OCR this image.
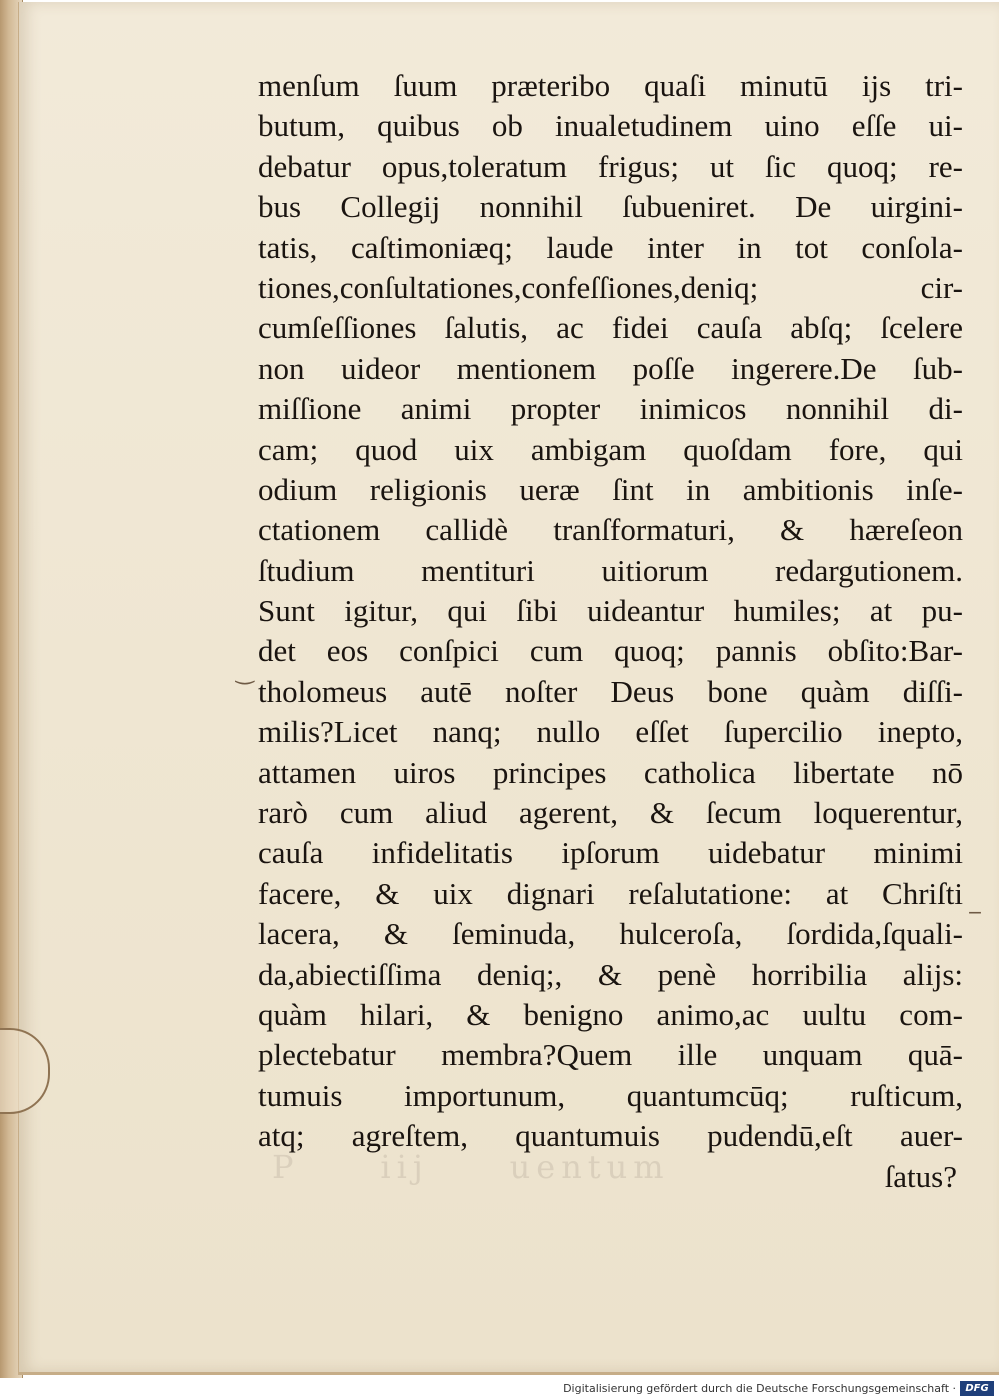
P     iij     uentum
‿
‒
menſum ſuum præteribo quaſi minutū ijs tri-
butum, quibus ob inualetudinem uino eſſe ui-
debatur opus,toleratum frigus; ut ſic quoq; re-
bus Collegij nonnihil ſubueniret. De uirgini-
tatis, caſtimoniæq; laude inter in tot conſola-
tiones,conſultationes,confeſſiones,deniq; cir-
cumſeſſiones ſalutis, ac fidei cauſa abſq; ſcelere
non uideor mentionem poſſe ingerere.De ſub-
miſſione animi propter inimicos nonnihil di-
cam; quod uix ambigam quoſdam fore, qui
odium religionis ueræ ſint in ambitionis inſe-
ctationem callidè tranſformaturi, & hæreſeon
ſtudium mentituri uitiorum redargutionem.
Sunt igitur, qui ſibi uideantur humiles; at pu-
det eos conſpici cum quoq; pannis obſito:Bar-
tholomeus autē noſter Deus bone quàm diſſi-
milis?Licet nanq; nullo eſſet ſupercilio inepto,
attamen uiros principes catholica libertate nō
rarò cum aliud agerent, & ſecum loquerentur,
cauſa infidelitatis ipſorum uidebatur minimi
facere, & uix dignari reſalutatione: at Chriſti
lacera, & ſeminuda, hulceroſa, ſordida,ſquali-
da,abiectiſſima deniq;, & penè horribilia alijs:
quàm hilari, & benigno animo,ac uultu com-
plectebatur membra?Quem ille unquam quā-
tumuis importunum, quantumcūq; ruſticum,
atq; agreſtem, quantumuis pudendū,eſt auer-
ſatus?
Digitalisierung gefördert durch die Deutsche Forschungsgemeinschaft · DFG
